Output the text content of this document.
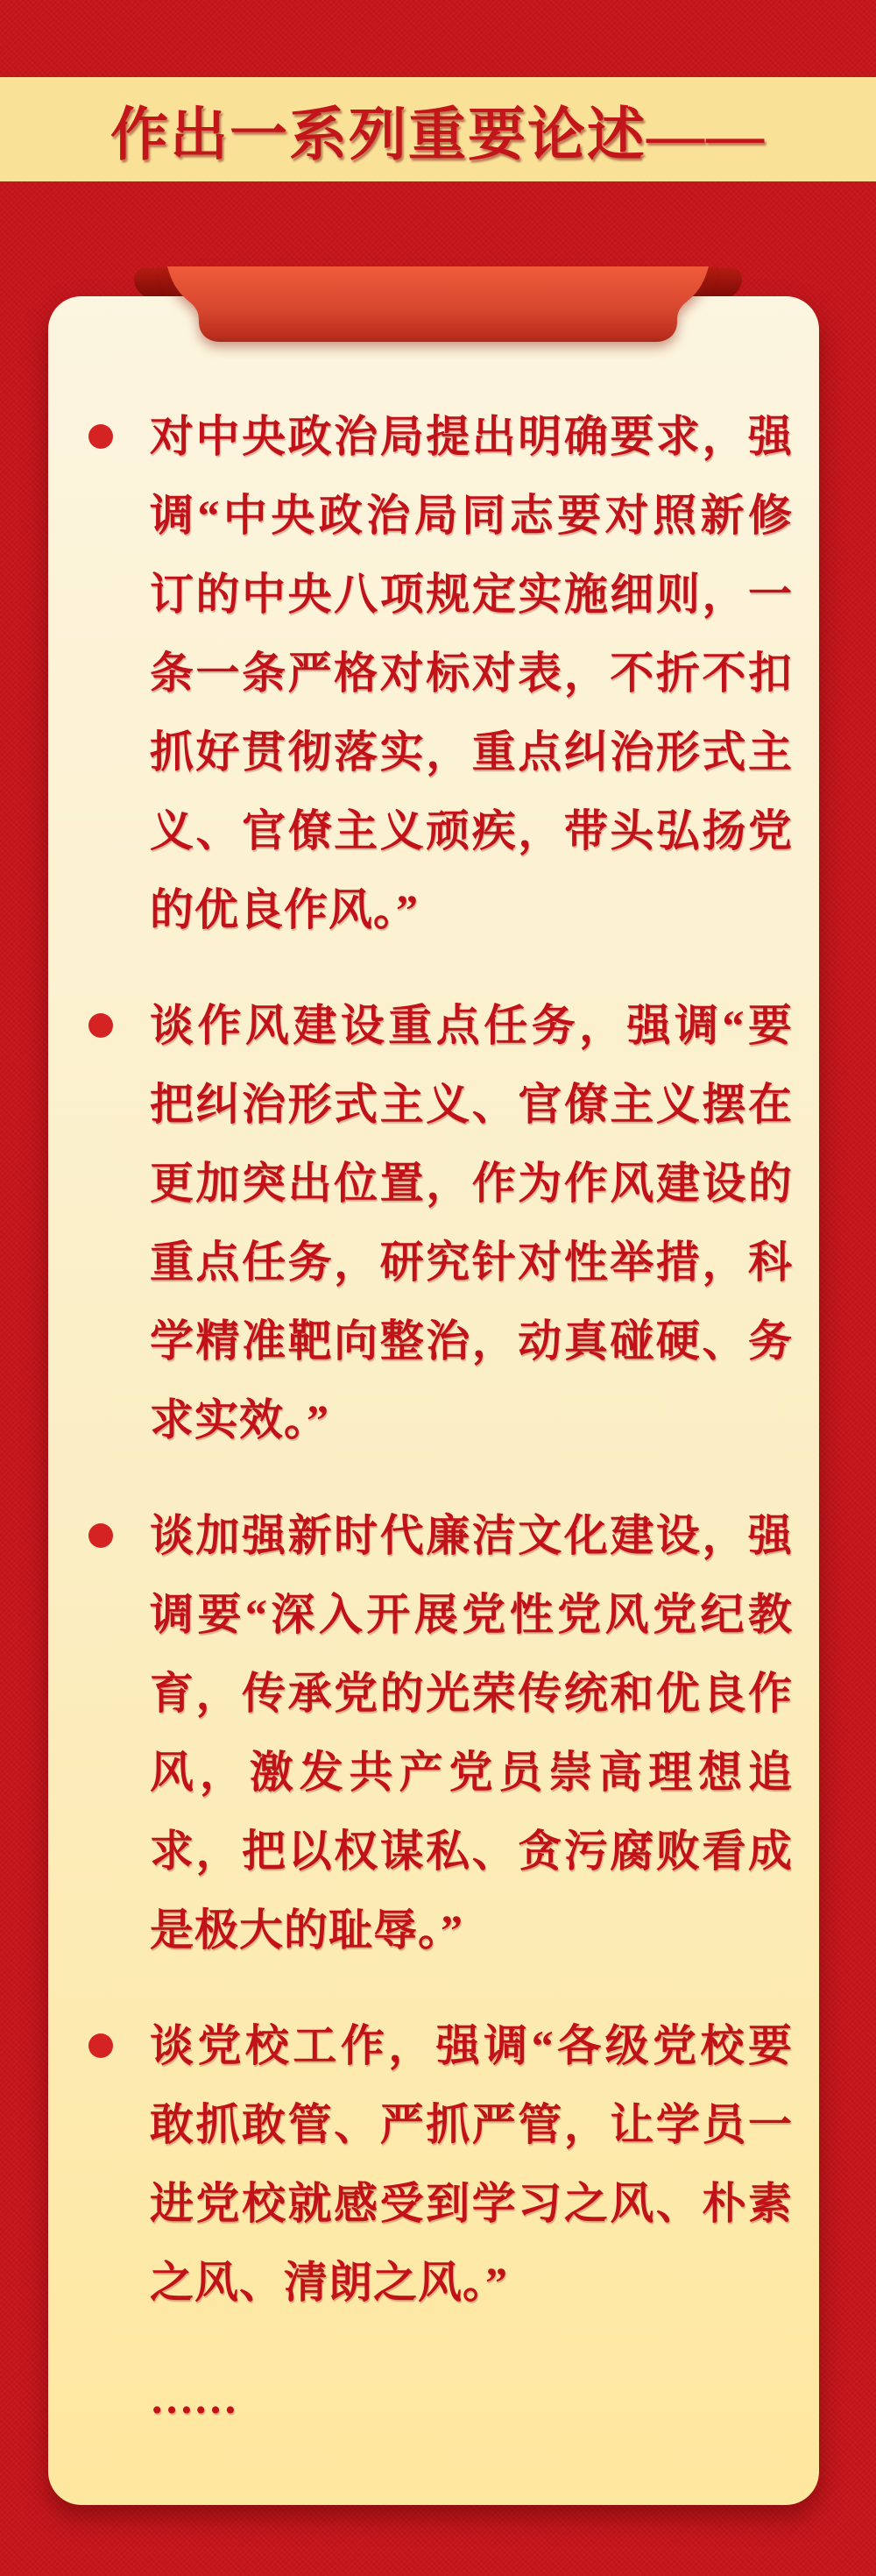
作出一系列重要论述——

对中央政治局提出明确要求，强调“中央政治局同志要对照新修订的中央八项规定实施细则，一条一条严格对标对表，不折不扣抓好贯彻落实，重点纠治形式主义、官僚主义顽疾，带头弘扬党的优良作风。”

谈作风建设重点任务，强调“要把纠治形式主义、官僚主义摆在更加突出位置，作为作风建设的重点任务，研究针对性举措，科学精准靶向整治，动真碰硬、务求实效。”

谈加强新时代廉洁文化建设，强调要“深入开展党性党风党纪教育，传承党的光荣传统和优良作风，激发共产党员崇高理想追求，把以权谋私、贪污腐败看成是极大的耻辱。”

谈党校工作，强调“各级党校要敢抓敢管、严抓严管，让学员一进党校就感受到学习之风、朴素之风、清朗之风。”

……
